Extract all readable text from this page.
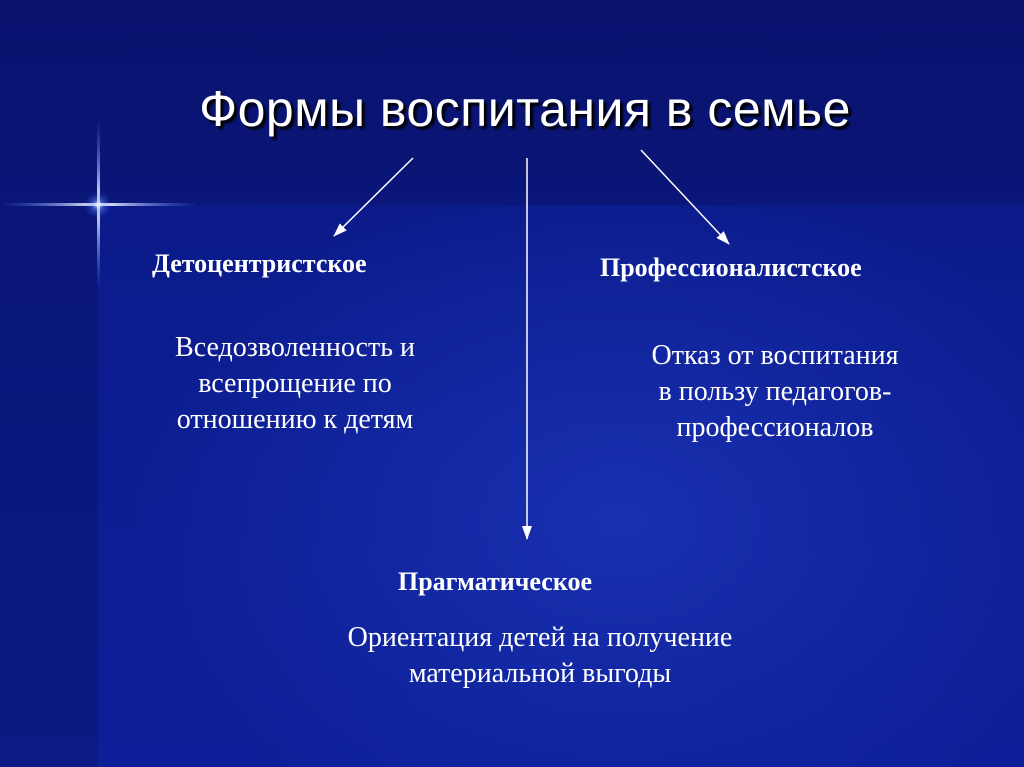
Формы воспитания в семье
Детоцентристское
Вседозволенность и
всепрощение по
отношению к детям
Профессионалистское
Отказ от воспитания
в пользу педагогов-
профессионалов
Прагматическое
Ориентация детей на получение
материальной выгоды
